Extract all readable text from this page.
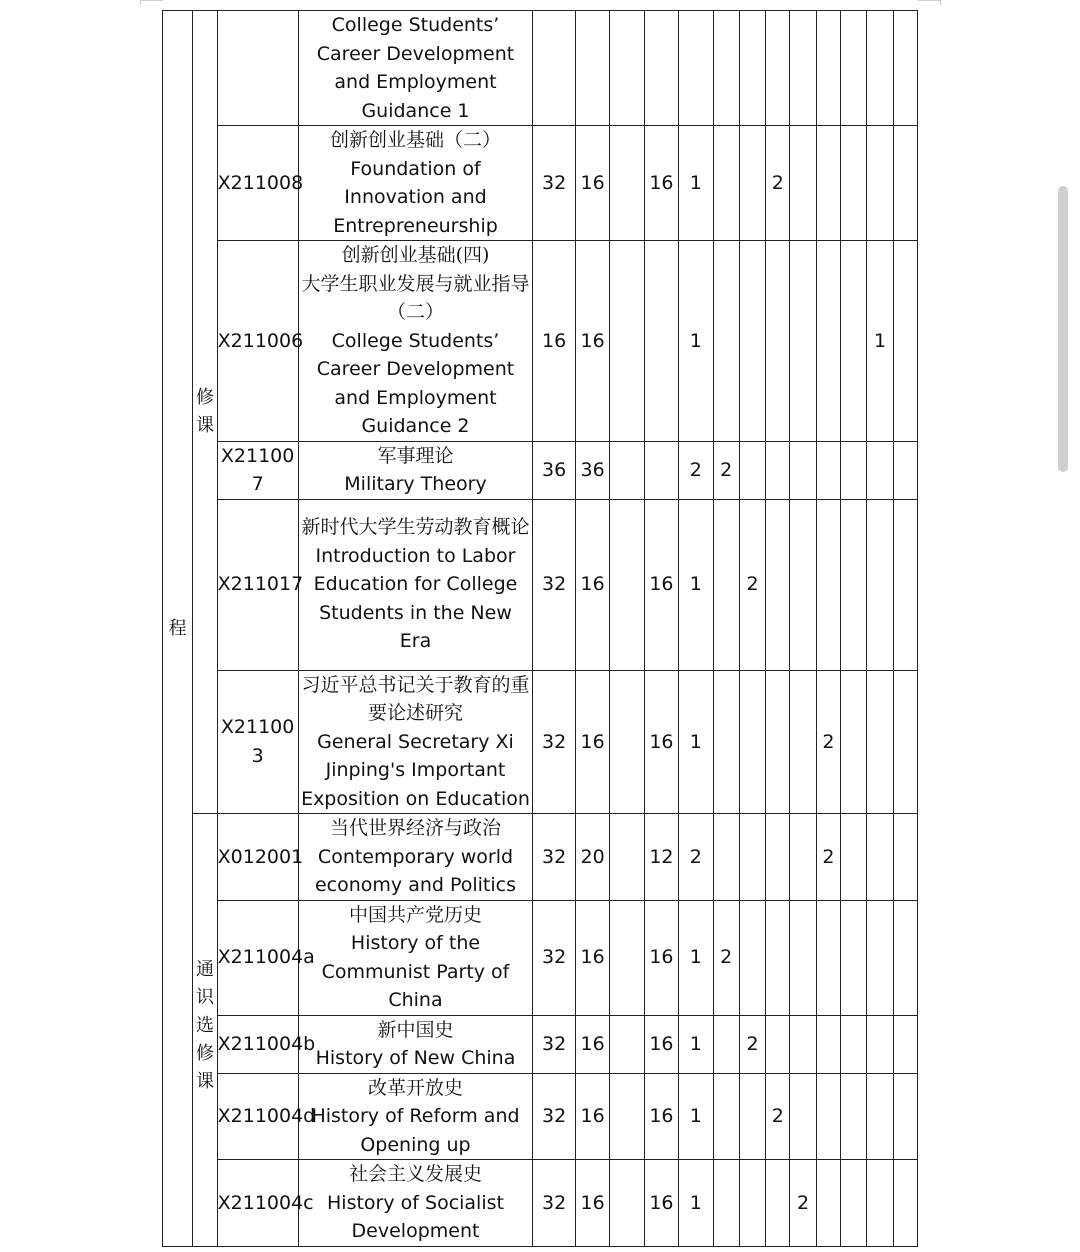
程	修课		College Students’ Career Development and Employment Guidance 1													

		X211008	创新创业基础（二）
Foundation of Innovation and Entrepreneurship	32	16		16	1			2					
		X211006	创新创业基础(四)
大学生职业发展与就业指导（二）
College Students’ Career Development and Employment Guidance 2	16	16			1							1	
		X211007	军事理论
Military Theory	36	36			2	2							
		X211017	新时代大学生劳动教育概论
Introduction to Labor Education for College Students in the New Era	32	16		16	1		2						
		X211003	习近平总书记关于教育的重要论述研究
General Secretary Xi Jinping's Important Exposition on Education	32	16		16	1					2			
	通识选修课	X012001	当代世界经济与政治
Contemporary world economy and Politics	32	20		12	2					2			
		X211004a	中国共产党历史
History of the Communist Party of China	32	16		16	1	2							
		X211004b	新中国史
History of New China	32	16		16	1		2						
		X211004d	改革开放史
History of Reform and Opening up	32	16		16	1			2					
		X211004c	社会主义发展史
History of Socialist Development	32	16		16	1				2				
